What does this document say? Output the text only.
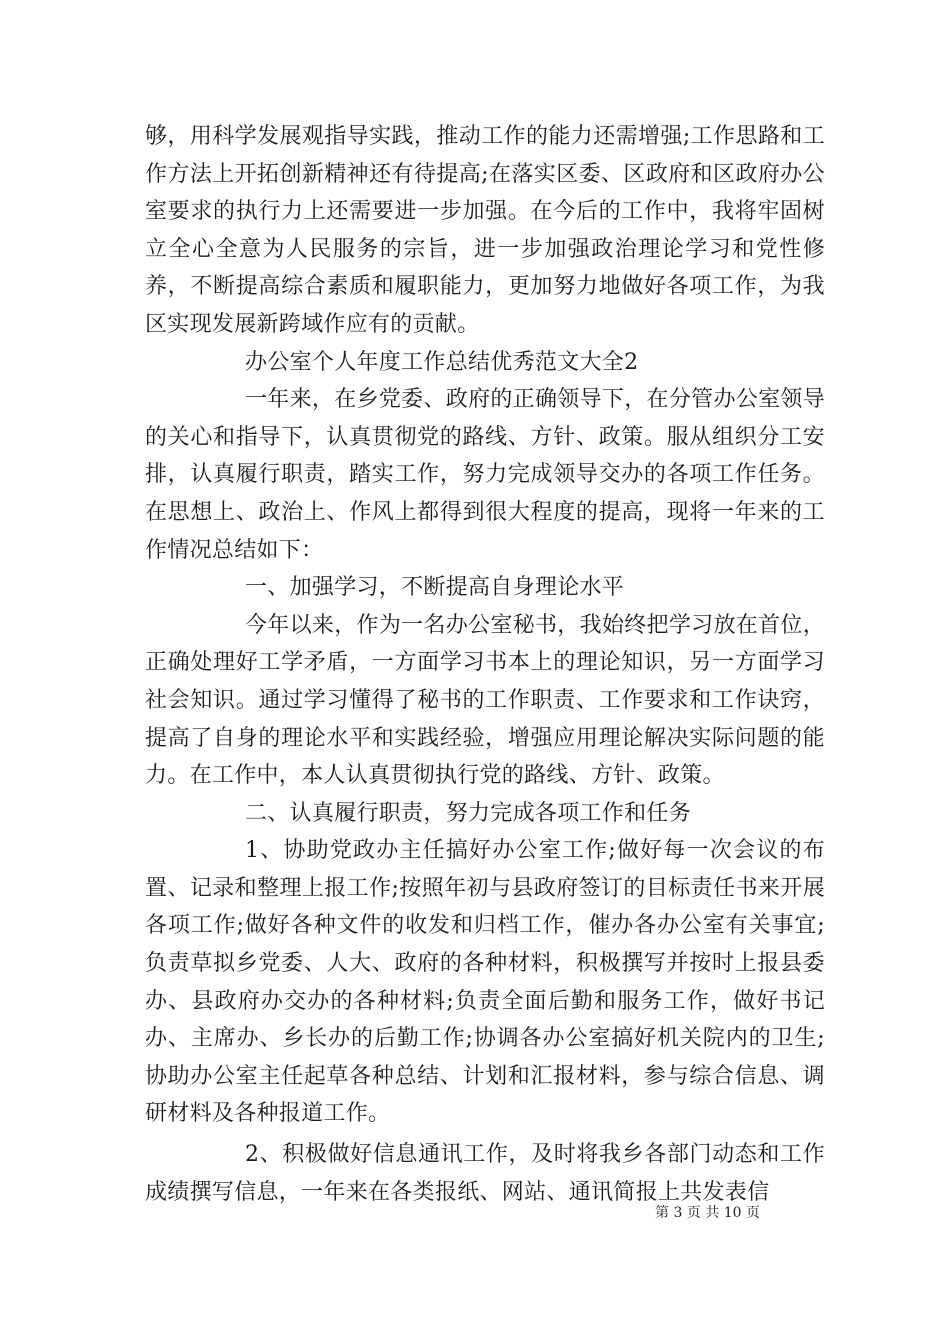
够，用科学发展观指导实践，推动工作的能力还需增强;工作思路和工作方法上开拓创新精神还有待提高;在落实区委、区政府和区政府办公室要求的执行力上还需要进一步加强。在今后的工作中，我将牢固树立全心全意为人民服务的宗旨，进一步加强政治理论学习和党性修养，不断提高综合素质和履职能力，更加努力地做好各项工作，为我区实现发展新跨域作应有的贡献。

办公室个人年度工作总结优秀范文大全2

一年来，在乡党委、政府的正确领导下，在分管办公室领导的关心和指导下，认真贯彻党的路线、方针、政策。服从组织分工安排，认真履行职责，踏实工作，努力完成领导交办的各项工作任务。在思想上、政治上、作风上都得到很大程度的提高，现将一年来的工作情况总结如下：

一、加强学习，不断提高自身理论水平

今年以来，作为一名办公室秘书，我始终把学习放在首位，正确处理好工学矛盾，一方面学习书本上的理论知识，另一方面学习社会知识。通过学习懂得了秘书的工作职责、工作要求和工作诀窍，提高了自身的理论水平和实践经验，增强应用理论解决实际问题的能力。在工作中，本人认真贯彻执行党的路线、方针、政策。

二、认真履行职责，努力完成各项工作和任务

1、协助党政办主任搞好办公室工作;做好每一次会议的布置、记录和整理上报工作;按照年初与县政府签订的目标责任书来开展各项工作;做好各种文件的收发和归档工作，催办各办公室有关事宜;负责草拟乡党委、人大、政府的各种材料，积极撰写并按时上报县委办、县政府办交办的各种材料;负责全面后勤和服务工作，做好书记办、主席办、乡长办的后勤工作;协调各办公室搞好机关院内的卫生;协助办公室主任起草各种总结、计划和汇报材料，参与综合信息、调研材料及各种报道工作。

2、积极做好信息通讯工作，及时将我乡各部门动态和工作成绩撰写信息，一年来在各类报纸、网站、通讯简报上共发表信

第 3 页 共 10 页
